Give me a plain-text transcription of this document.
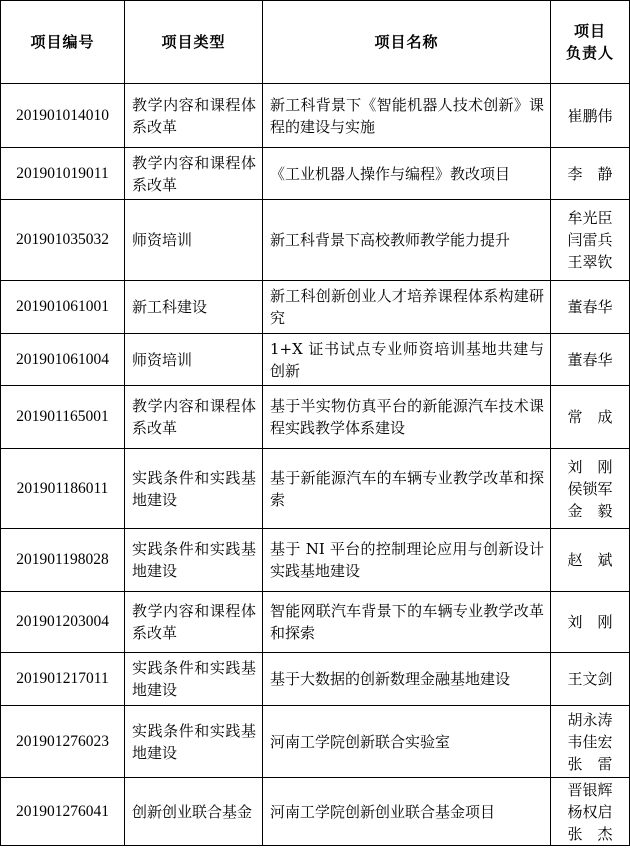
项目编号	项目类型	项目名称	项目
负责人

201901014010	教学内容和课程体系改革	新工科背景下《智能机器人技术创新》课程的建设与实施	崔鹏伟

201901019011	教学内容和课程体系改革	《工业机器人操作与编程》教改项目	李　静

201901035032	师资培训	新工科背景下高校教师教学能力提升	牟光臣
闫雷兵
王翠钦

201901061001	新工科建设	新工科创新创业人才培养课程体系构建研究	董春华

201901061004	师资培训	1+X 证书试点专业师资培训基地共建与创新	董春华

201901165001	教学内容和课程体系改革	基于半实物仿真平台的新能源汽车技术课程实践教学体系建设	常　成

201901186011	实践条件和实践基地建设	基于新能源汽车的车辆专业教学改革和探索	刘　刚
侯锁军
金　毅

201901198028	实践条件和实践基地建设	基于 NI 平台的控制理论应用与创新设计实践基地建设	赵　斌

201901203004	教学内容和课程体系改革	智能网联汽车背景下的车辆专业教学改革和探索	刘　刚

201901217011	实践条件和实践基地建设	基于大数据的创新数理金融基地建设	王文剑

201901276023	实践条件和实践基地建设	河南工学院创新联合实验室	胡永涛
韦佳宏
张　雷

201901276041	创新创业联合基金	河南工学院创新创业联合基金项目	晋银辉
杨权启
张　杰
